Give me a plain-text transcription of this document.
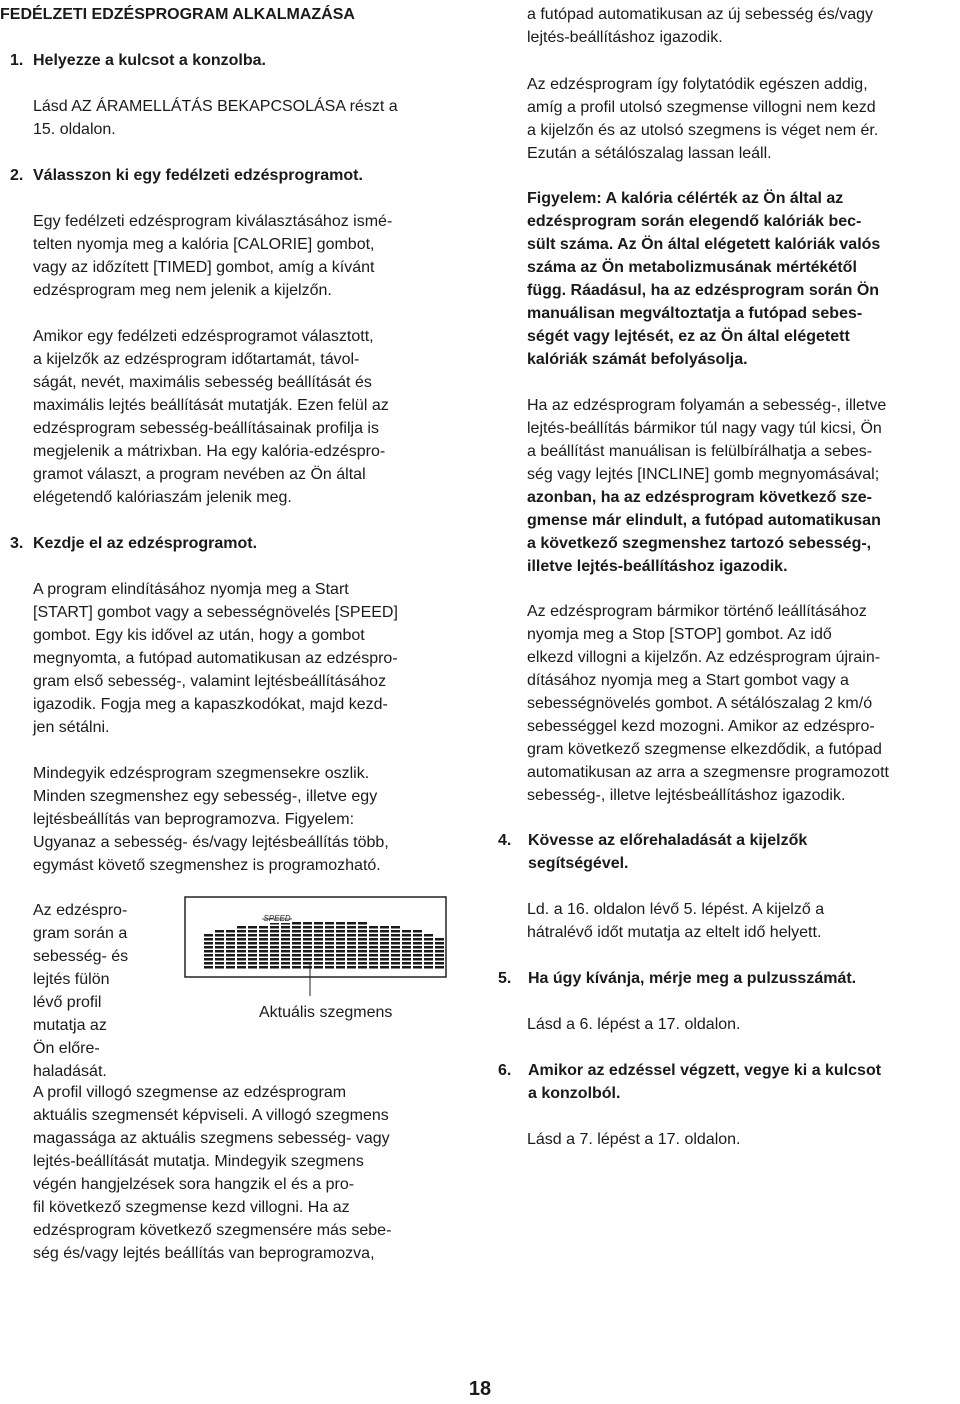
FEDÉLZETI EDZÉSPROGRAM ALKALMAZÁSA
1. Helyezze a kulcsot a konzolba.
Lásd AZ ÁRAMELLÁTÁS BEKAPCSOLÁSA részt a
15. oldalon.
2. Válasszon ki egy fedélzeti edzésprogramot.
Egy fedélzeti edzésprogram kiválasztásához ismé-
telten nyomja meg a kalória [CALORIE] gombot,
vagy az időzített [TIMED] gombot, amíg a kívánt
edzésprogram meg nem jelenik a kijelzőn.
Amikor egy fedélzeti edzésprogramot választott,
a kijelzők az edzésprogram időtartamát, távol-
ságát, nevét, maximális sebesség beállítását és
maximális lejtés beállítását mutatják. Ezen felül az
edzésprogram sebesség-beállításainak profilja is
megjelenik a mátrixban. Ha egy kalória-edzéspro-
gramot választ, a program nevében az Ön által
elégetendő kalóriaszám jelenik meg.
3. Kezdje el az edzésprogramot.
A program elindításához nyomja meg a Start
[START] gombot vagy a sebességnövelés [SPEED]
gombot. Egy kis idővel az után, hogy a gombot
megnyomta, a futópad automatikusan az edzéspro-
gram első sebesség-, valamint lejtésbeállításához
igazodik. Fogja meg a kapaszkodókat, majd kezd-
jen sétálni.
Mindegyik edzésprogram szegmensekre oszlik.
Minden szegmenshez egy sebesség-, illetve egy
lejtésbeállítás van beprogramozva. Figyelem:
Ugyanaz a sebesség- és/vagy lejtésbeállítás több,
egymást követő szegmenshez is programozható.
Az edzéspro-
gram során a
sebesség- és
lejtés fülön
lévő profil
mutatja az
Ön előre-
haladását.
SPEED
Aktuális szegmens
A profil villogó szegmense az edzésprogram
aktuális szegmensét képviseli. A villogó szegmens
magassága az aktuális szegmens sebesség- vagy
lejtés-beállítását mutatja. Mindegyik szegmens
végén hangjelzések sora hangzik el és a pro-
fil következő szegmense kezd villogni. Ha az
edzésprogram következő szegmensére más sebe-
ség és/vagy lejtés beállítás van beprogramozva,
a futópad automatikusan az új sebesség és/vagy
lejtés-beállításhoz igazodik.
Az edzésprogram így folytatódik egészen addig,
amíg a profil utolsó szegmense villogni nem kezd
a kijelzőn és az utolsó szegmens is véget nem ér.
Ezután a sétálószalag lassan leáll.
Figyelem: A kalória célérték az Ön által az
edzésprogram során elegendő kalóriák bec-
sült száma. Az Ön által elégetett kalóriák valós
száma az Ön metabolizmusának mértékétől
függ. Ráadásul, ha az edzésprogram során Ön
manuálisan megváltoztatja a futópad sebes-
ségét vagy lejtését, ez az Ön által elégetett
kalóriák számát befolyásolja.
Ha az edzésprogram folyamán a sebesség-, illetve
lejtés-beállítás bármikor túl nagy vagy túl kicsi, Ön
a beállítást manuálisan is felülbírálhatja a sebes-
ség vagy lejtés [INCLINE] gomb megnyomásával;
azonban, ha az edzésprogram következő sze-
gmense már elindult, a futópad automatikusan
a következő szegmenshez tartozó sebesség-,
illetve lejtés-beállításhoz igazodik.
Az edzésprogram bármikor történő leállításához
nyomja meg a Stop [STOP] gombot. Az idő
elkezd villogni a kijelzőn. Az edzésprogram újrain-
dításához nyomja meg a Start gombot vagy a
sebességnövelés gombot. A sétálószalag 2 km/ó
sebességgel kezd mozogni. Amikor az edzéspro-
gram következő szegmense elkezdődik, a futópad
automatikusan az arra a szegmensre programozott
sebesség-, illetve lejtésbeállításhoz igazodik.
4. Kövesse az előrehaladását a kijelzők
segítségével.
Ld. a 16. oldalon lévő 5. lépést. A kijelző a
hátralévő időt mutatja az eltelt idő helyett.
5. Ha úgy kívánja, mérje meg a pulzusszámát.
Lásd a 6. lépést a 17. oldalon.
6. Amikor az edzéssel végzett, vegye ki a kulcsot
a konzolból.
Lásd a 7. lépést a 17. oldalon.
18
